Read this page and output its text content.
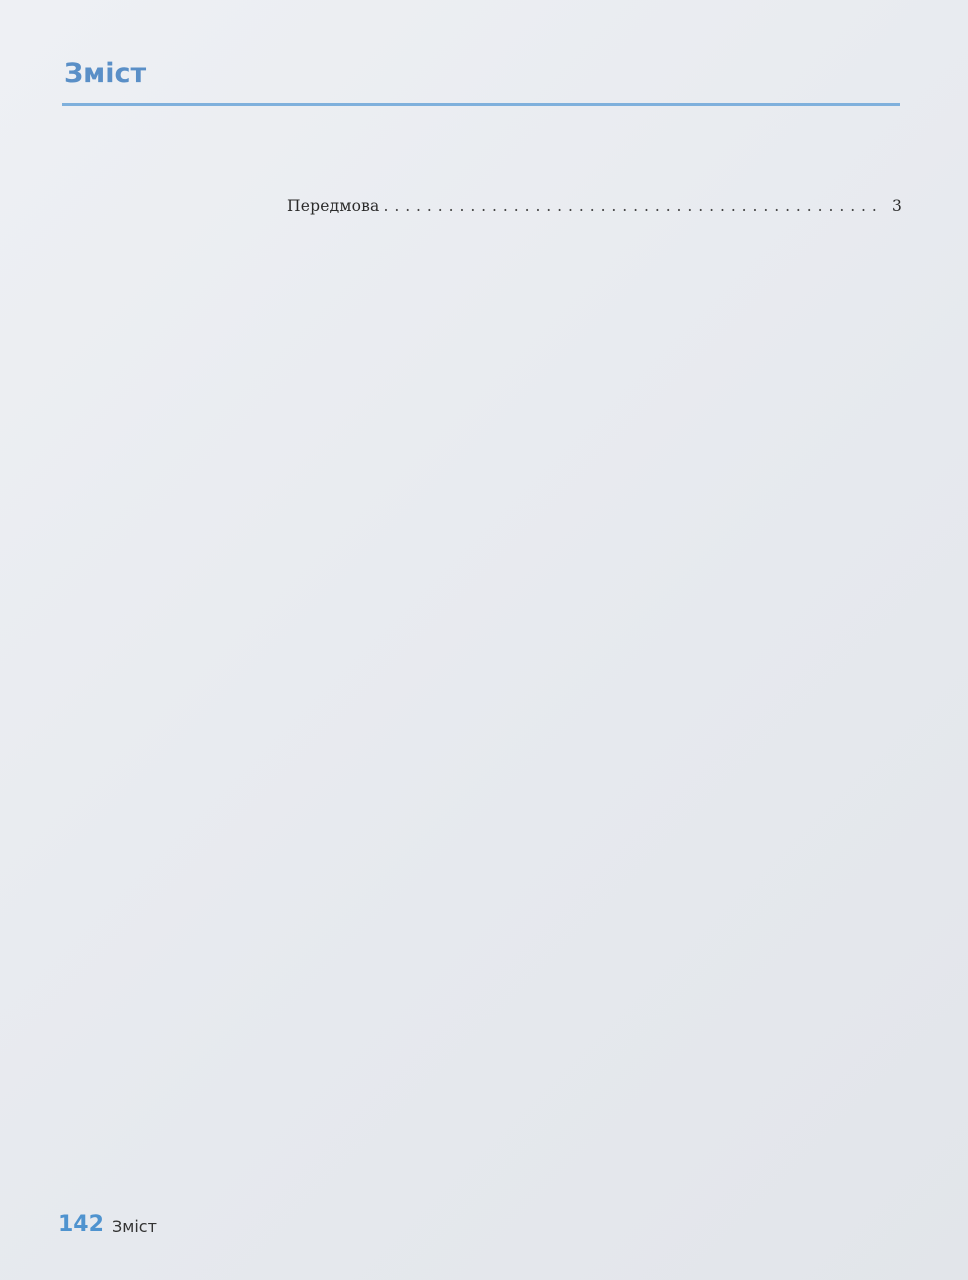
Зміст
Передмова
. . .	3
142 Зміст
